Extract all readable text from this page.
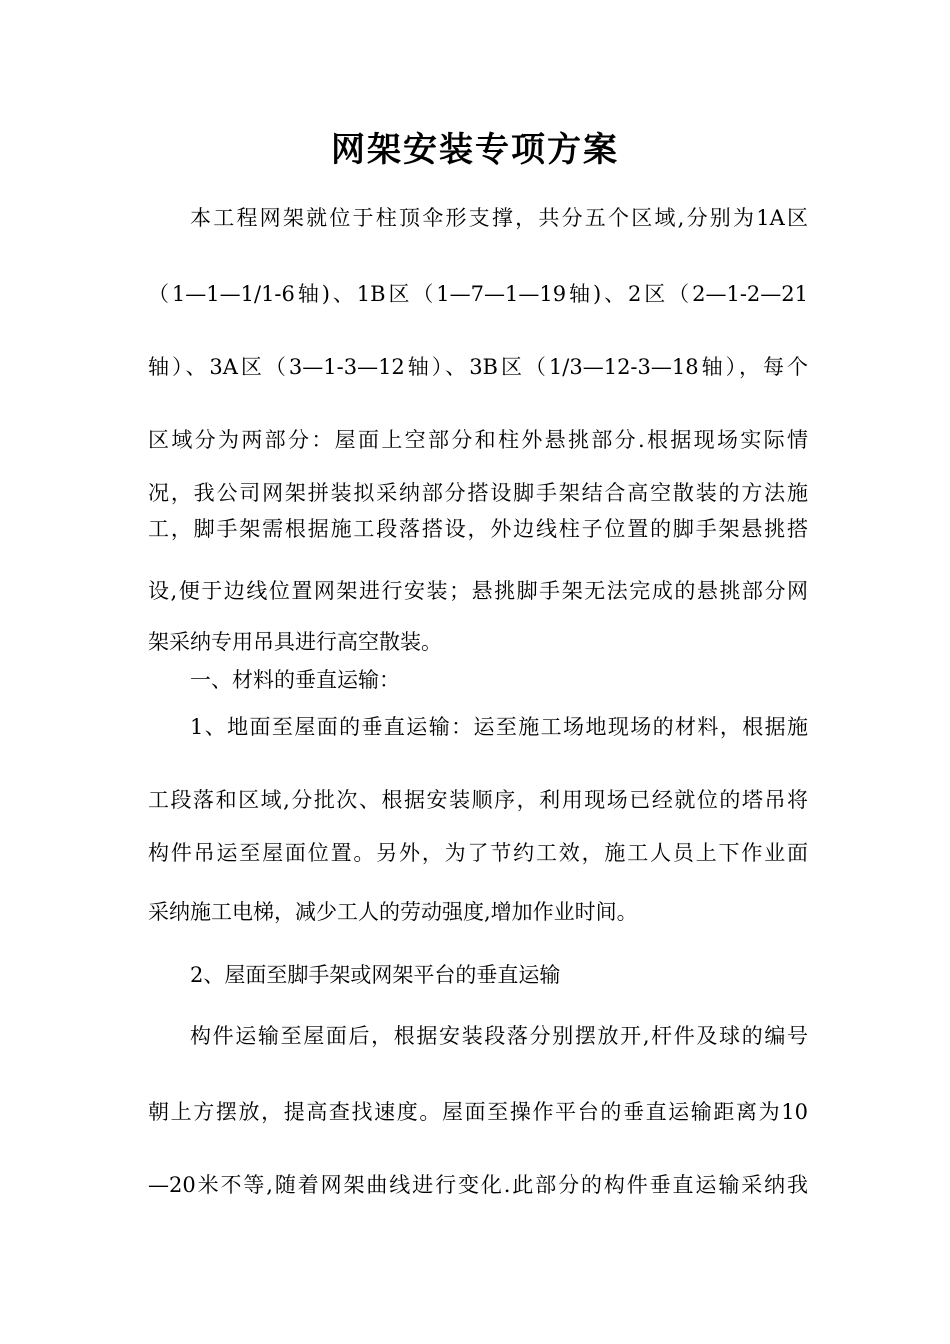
网架安装专项方案
本工程网架就位于柱顶伞形支撑，共分五个区域,分别为1A区
（1—1—1/1-6轴)、1B区（1—7—1—19轴)、2区（2—1-2—21
轴）、3A区（3—1-3—12轴）、3B区（1/3—12-3—18轴），每个
区域分为两部分：屋面上空部分和柱外悬挑部分.根据现场实际情
况，我公司网架拼装拟采纳部分搭设脚手架结合高空散装的方法施
工，脚手架需根据施工段落搭设，外边线柱子位置的脚手架悬挑搭
设,便于边线位置网架进行安装；悬挑脚手架无法完成的悬挑部分网
架采纳专用吊具进行高空散装。
一、材料的垂直运输：
1、地面至屋面的垂直运输：运至施工场地现场的材料，根据施
工段落和区域,分批次、根据安装顺序，利用现场已经就位的塔吊将
构件吊运至屋面位置。另外，为了节约工效，施工人员上下作业面
采纳施工电梯，减少工人的劳动强度,增加作业时间。
2、屋面至脚手架或网架平台的垂直运输
构件运输至屋面后，根据安装段落分别摆放开,杆件及球的编号
朝上方摆放，提高查找速度。屋面至操作平台的垂直运输距离为10
—20米不等,随着网架曲线进行变化.此部分的构件垂直运输采纳我
